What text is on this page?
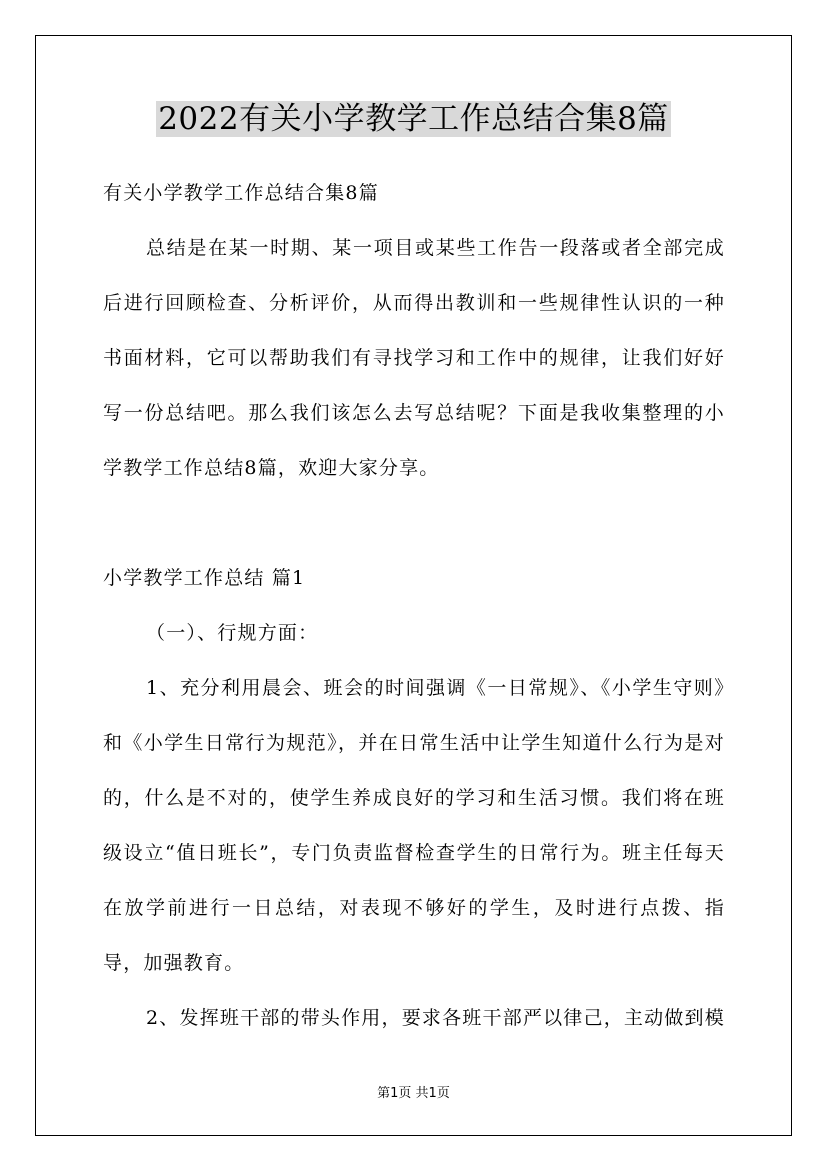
2022有关小学教学工作总结合集8篇

有关小学教学工作总结合集8篇

总结是在某一时期、某一项目或某些工作告一段落或者全部完成后进行回顾检查、分析评价，从而得出教训和一些规律性认识的一种书面材料，它可以帮助我们有寻找学习和工作中的规律，让我们好好写一份总结吧。那么我们该怎么去写总结呢？下面是我收集整理的小学教学工作总结8篇，欢迎大家分享。

小学教学工作总结 篇1

（一）、行规方面：

1、充分利用晨会、班会的时间强调《一日常规》、《小学生守则》和《小学生日常行为规范》，并在日常生活中让学生知道什么行为是对的，什么是不对的，使学生养成良好的学习和生活习惯。我们将在班级设立“值日班长”，专门负责监督检查学生的日常行为。班主任每天在放学前进行一日总结，对表现不够好的学生，及时进行点拨、指导，加强教育。

2、发挥班干部的带头作用，要求各班干部严以律己，主动做到模

第1页 共1页
